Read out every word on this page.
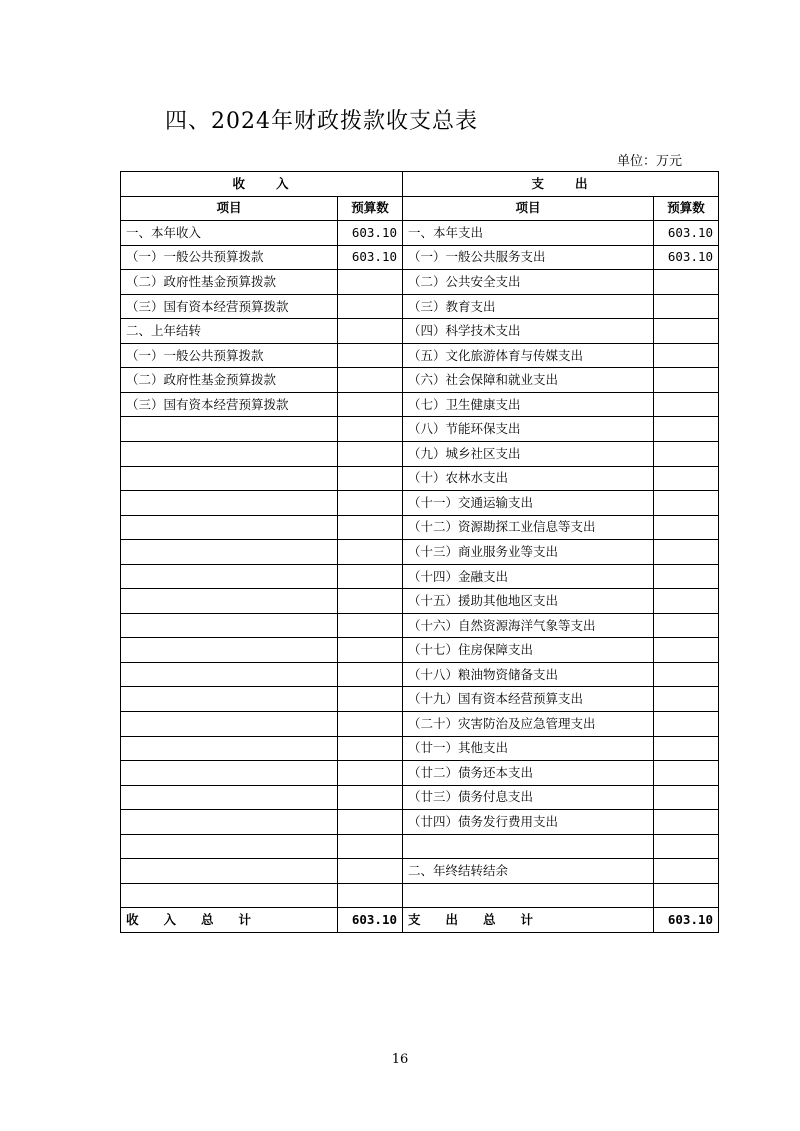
四、2024年财政拨款收支总表
单位：万元
收　　入		支　　出	
项目	预算数	项目	预算数
一、本年收入	603.10	一、本年支出	603.10
（一）一般公共预算拨款	603.10	（一）一般公共服务支出	603.10
（二）政府性基金预算拨款		（二）公共安全支出	
（三）国有资本经营预算拨款		（三）教育支出	
二、上年结转		（四）科学技术支出	
（一）一般公共预算拨款		（五）文化旅游体育与传媒支出	
（二）政府性基金预算拨款		（六）社会保障和就业支出	
（三）国有资本经营预算拨款		（七）卫生健康支出	
		（八）节能环保支出	
		（九）城乡社区支出	
		（十）农林水支出	
		（十一）交通运输支出	
		（十二）资源勘探工业信息等支出	
		（十三）商业服务业等支出	
		（十四）金融支出	
		（十五）援助其他地区支出	
		（十六）自然资源海洋气象等支出	
		（十七）住房保障支出	
		（十八）粮油物资储备支出	
		（十九）国有资本经营预算支出	
		（二十）灾害防治及应急管理支出	
		（廿一）其他支出	
		（廿二）债务还本支出	
		（廿三）债务付息支出	
		（廿四）债务发行费用支出	

		二、年终结转结余	

收　　入　　总　　计	603.10	支　　出　　总　　计	603.10
16
